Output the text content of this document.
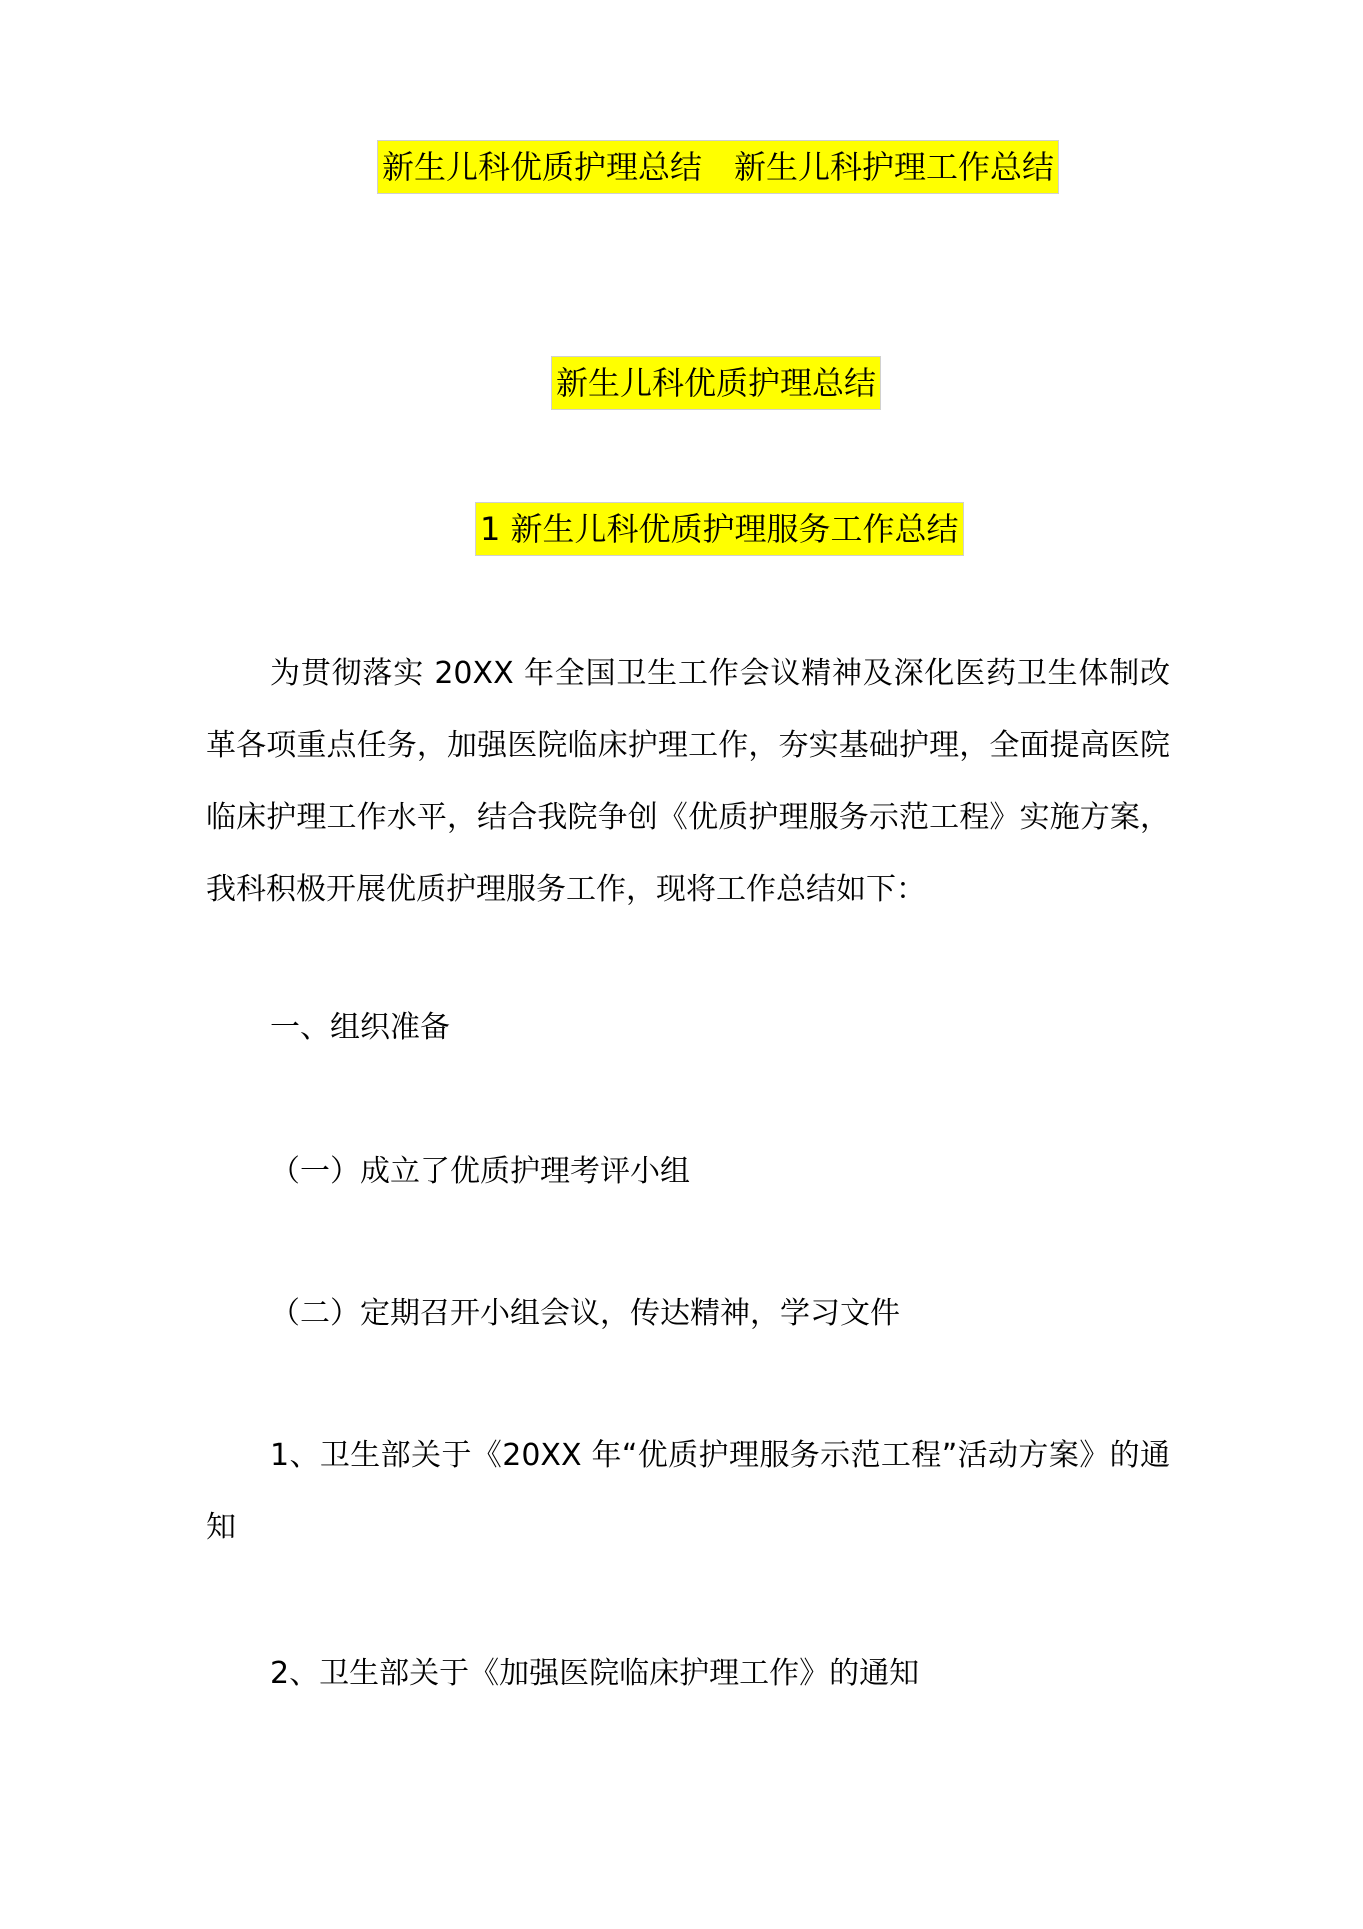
新生儿科优质护理总结　新生儿科护理工作总结
新生儿科优质护理总结
1 新生儿科优质护理服务工作总结

为贯彻落实 20XX 年全国卫生工作会议精神及深化医药卫生体制改革各项重点任务，加强医院临床护理工作，夯实基础护理，全面提高医院临床护理工作水平，结合我院争创《优质护理服务示范工程》实施方案，我科积极开展优质护理服务工作，现将工作总结如下：

一、组织准备

（一）成立了优质护理考评小组

（二）定期召开小组会议，传达精神，学习文件

1、卫生部关于《20XX 年“优质护理服务示范工程”活动方案》的通知

2、卫生部关于《加强医院临床护理工作》的通知
